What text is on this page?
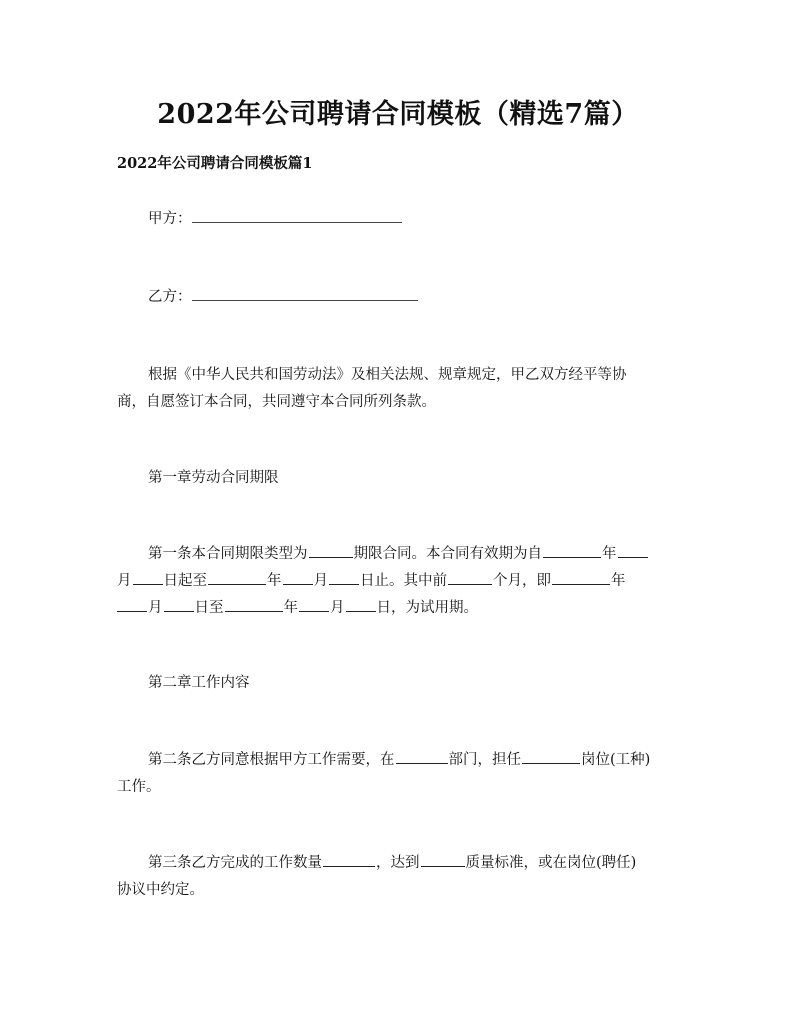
2022年公司聘请合同模板（精选7篇）
2022年公司聘请合同模板篇1
甲方：
乙方：
根据《中华人民共和国劳动法》及相关法规、规章规定，甲乙双方经平等协
商，自愿签订本合同，共同遵守本合同所列条款。
第一章劳动合同期限
第一条本合同期限类型为	期限合同。本合同有效期为自	年
月 日起至	年 月 日止。其中前	个月，即	年
月 日至	年 月 日，为试用期。
第二章工作内容
第二条乙方同意根据甲方工作需要，在	部门，担任	岗位(工种)
工作。
第三条乙方完成的工作数量	，达到	质量标准，或在岗位(聘任)
协议中约定。
